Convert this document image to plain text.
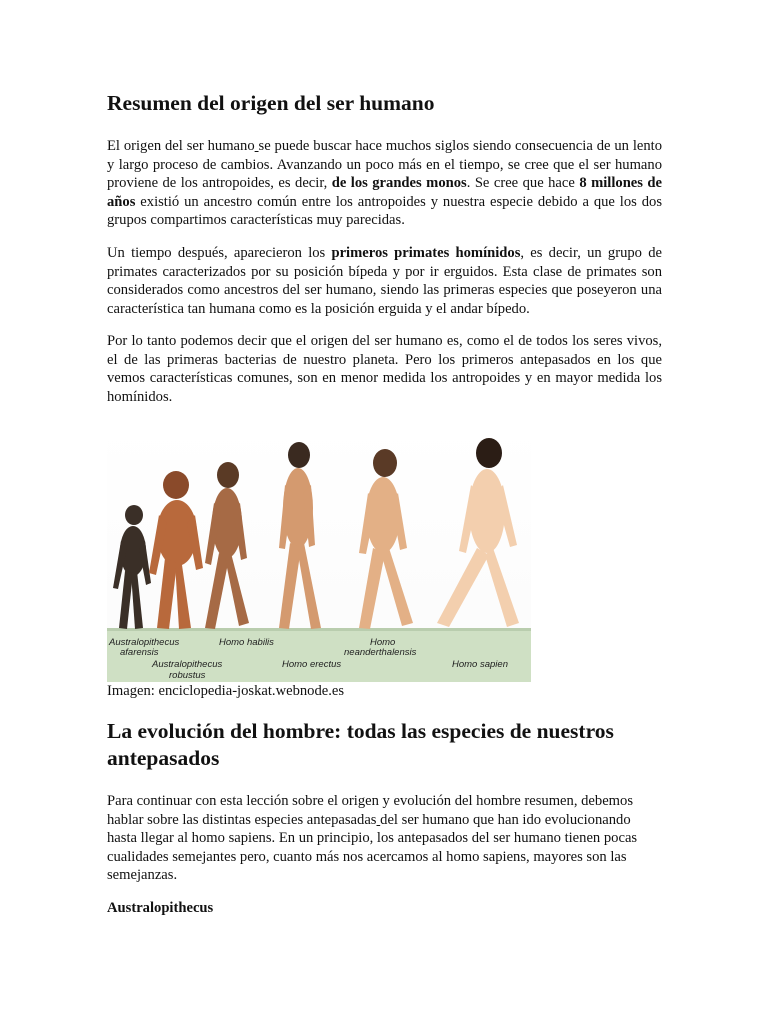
Resumen del origen del ser humano

El origen del ser humano se puede buscar hace muchos siglos siendo consecuencia de un lento y largo proceso de cambios. Avanzando un poco más en el tiempo, se cree que el ser humano proviene de los antropoides, es decir, de los grandes monos. Se cree que hace 8 millones de años existió un ancestro común entre los antropoides y nuestra especie debido a que los dos grupos compartimos características muy parecidas.

Un tiempo después, aparecieron los primeros primates homínidos, es decir, un grupo de primates caracterizados por su posición bípeda y por ir erguidos. Esta clase de primates son considerados como ancestros del ser humano, siendo las primeras especies que poseyeron una característica tan humana como es la posición erguida y el andar bípedo.

Por lo tanto podemos decir que el origen del ser humano es, como el de todos los seres vivos, el de las primeras bacterias de nuestro planeta. Pero los primeros antepasados en los que vemos características comunes, son en menor medida los antropoides y en mayor medida los homínidos.

Australopithecus
afarensis
Homo habilis
Australopithecus
robustus
Homo erectus
Homo
neanderthalensis
Homo sapien
Imagen: enciclopedia-joskat.webnode.es
La evolución del hombre: todas las especies de nuestros antepasados

Para continuar con esta lección sobre el origen y evolución del hombre resumen, debemos hablar sobre las distintas especies antepasadas del ser humano que han ido evolucionando hasta llegar al homo sapiens. En un principio, los antepasados del ser humano tienen pocas cualidades semejantes pero, cuanto más nos acercamos al homo sapiens, mayores son las semejanzas.

Australopithecus
